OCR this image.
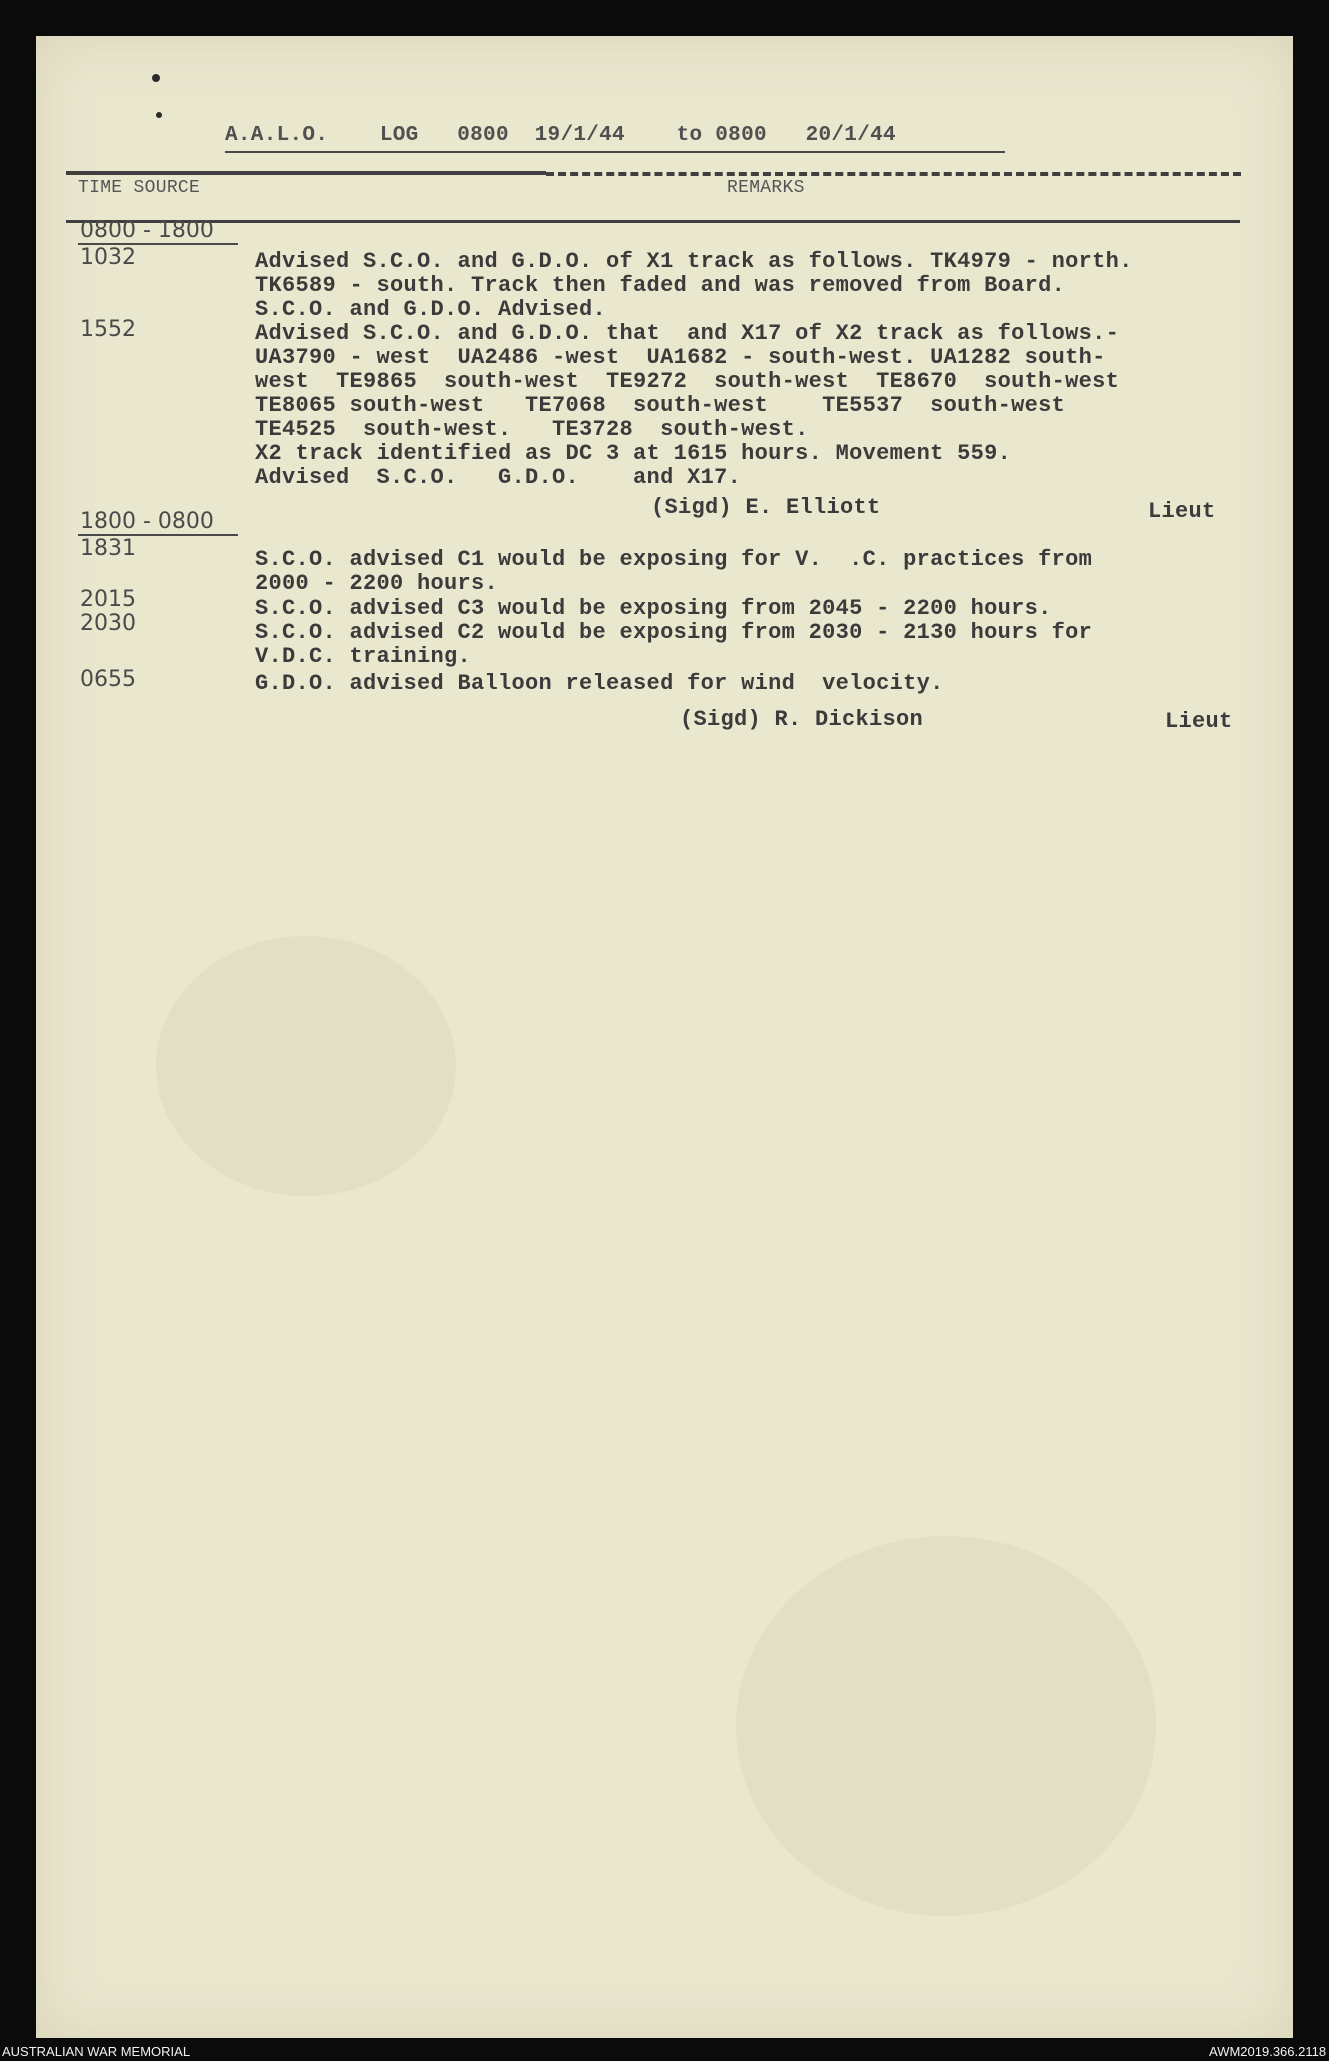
A.A.L.O.    LOG   0800  19/1/44    to 0800   20/1/44
TIME SOURCE	REMARKS
0800 - 1800
1032	Advised S.C.O. and G.D.O. of X1 track as follows. TK4979 - north.
TK6589 - south. Track then faded and was removed from Board.
S.C.O. and G.D.O. Advised.
1552	Advised S.C.O. and G.D.O. that  and X17 of X2 track as follows.-
UA3790 - west  UA2486 -west  UA1682 - south-west. UA1282 south-
west  TE9865  south-west  TE9272  south-west  TE8670  south-west
TE8065 south-west   TE7068  south-west    TE5537  south-west
TE4525  south-west.   TE3728  south-west.
X2 track identified as DC 3 at 1615 hours. Movement 559.
Advised  S.C.O.   G.D.O.    and X17.
(Sigd) E. Elliott	Lieut
1800 - 0800
1831	S.C.O. advised C1 would be exposing for V.  .C. practices from
2000 - 2200 hours.
2015	S.C.O. advised C3 would be exposing from 2045 - 2200 hours.
2030	S.C.O. advised C2 would be exposing from 2030 - 2130 hours for
V.D.C. training.
0655	G.D.O. advised Balloon released for wind  velocity.
(Sigd) R. Dickison	Lieut
AUSTRALIAN WAR MEMORIAL	AWM2019.366.2118
